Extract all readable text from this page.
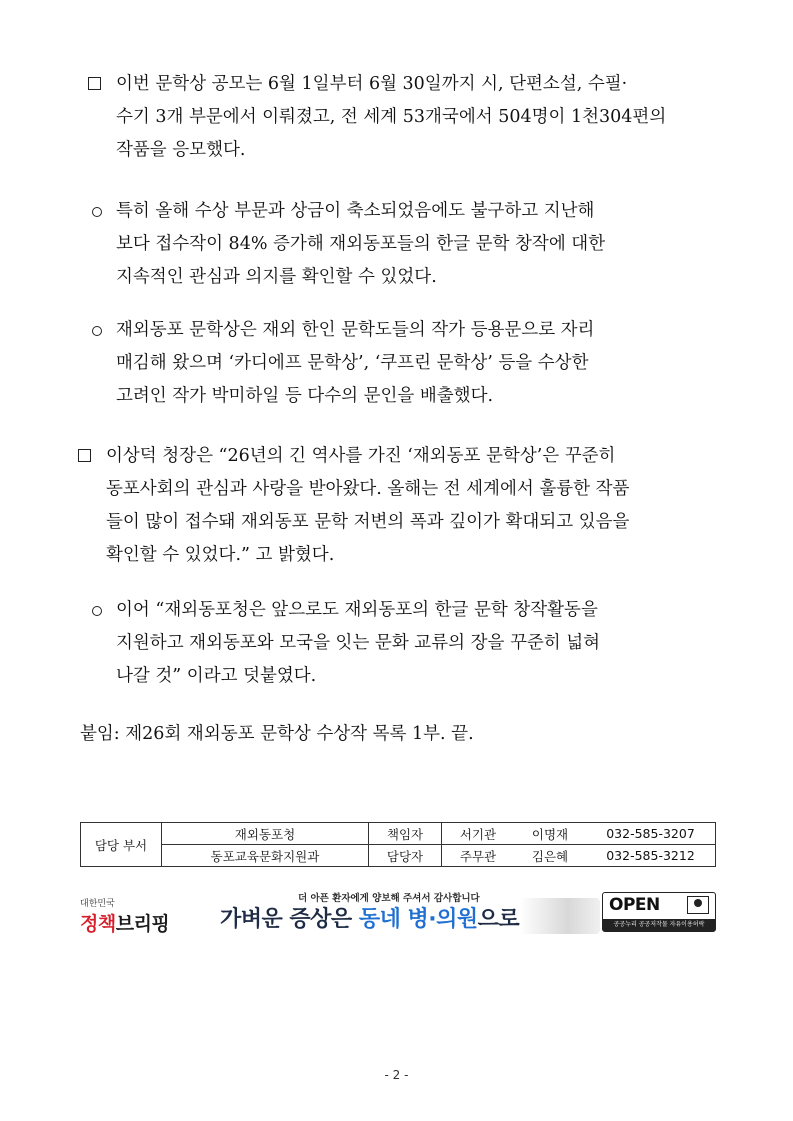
이번 문학상 공모는 6월 1일부터 6월 30일까지 시, 단편소설, 수필·
수기 3개 부문에서 이뤄졌고, 전 세계 53개국에서 504명이 1천304편의
작품을 응모했다.
특히 올해 수상 부문과 상금이 축소되었음에도 불구하고 지난해
보다 접수작이 84% 증가해 재외동포들의 한글 문학 창작에 대한
지속적인 관심과 의지를 확인할 수 있었다.
재외동포 문학상은 재외 한인 문학도들의 작가 등용문으로 자리
매김해 왔으며 ‘카디에프 문학상’, ‘쿠프린 문학상’ 등을 수상한
고려인 작가 박미하일 등 다수의 문인을 배출했다.
이상덕 청장은 “26년의 긴 역사를 가진 ‘재외동포 문학상’은 꾸준히
동포사회의 관심과 사랑을 받아왔다. 올해는 전 세계에서 훌륭한 작품
들이 많이 접수돼 재외동포 문학 저변의 폭과 깊이가 확대되고 있음을
확인할 수 있었다.” 고 밝혔다.
이어 “재외동포청은 앞으로도 재외동포의 한글 문학 창작활동을
지원하고 재외동포와 모국을 잇는 문화 교류의 장을 꾸준히 넓혀
나갈 것” 이라고 덧붙였다.
붙임: 제26회 재외동포 문학상 수상작 목록 1부. 끝.
담당 부서	재외동포청	책임자	서기관	이명재	032-585-3207
	동포교육문화지원과	담당자	주무관	김은혜	032-585-3212
대한민국
정책브리핑
더 아픈 환자에게 양보해 주셔서 감사합니다
가벼운 증상은 동네 병·의원으로
OPEN
공공누리 공공저작물 자유이용허락
- 2 -
